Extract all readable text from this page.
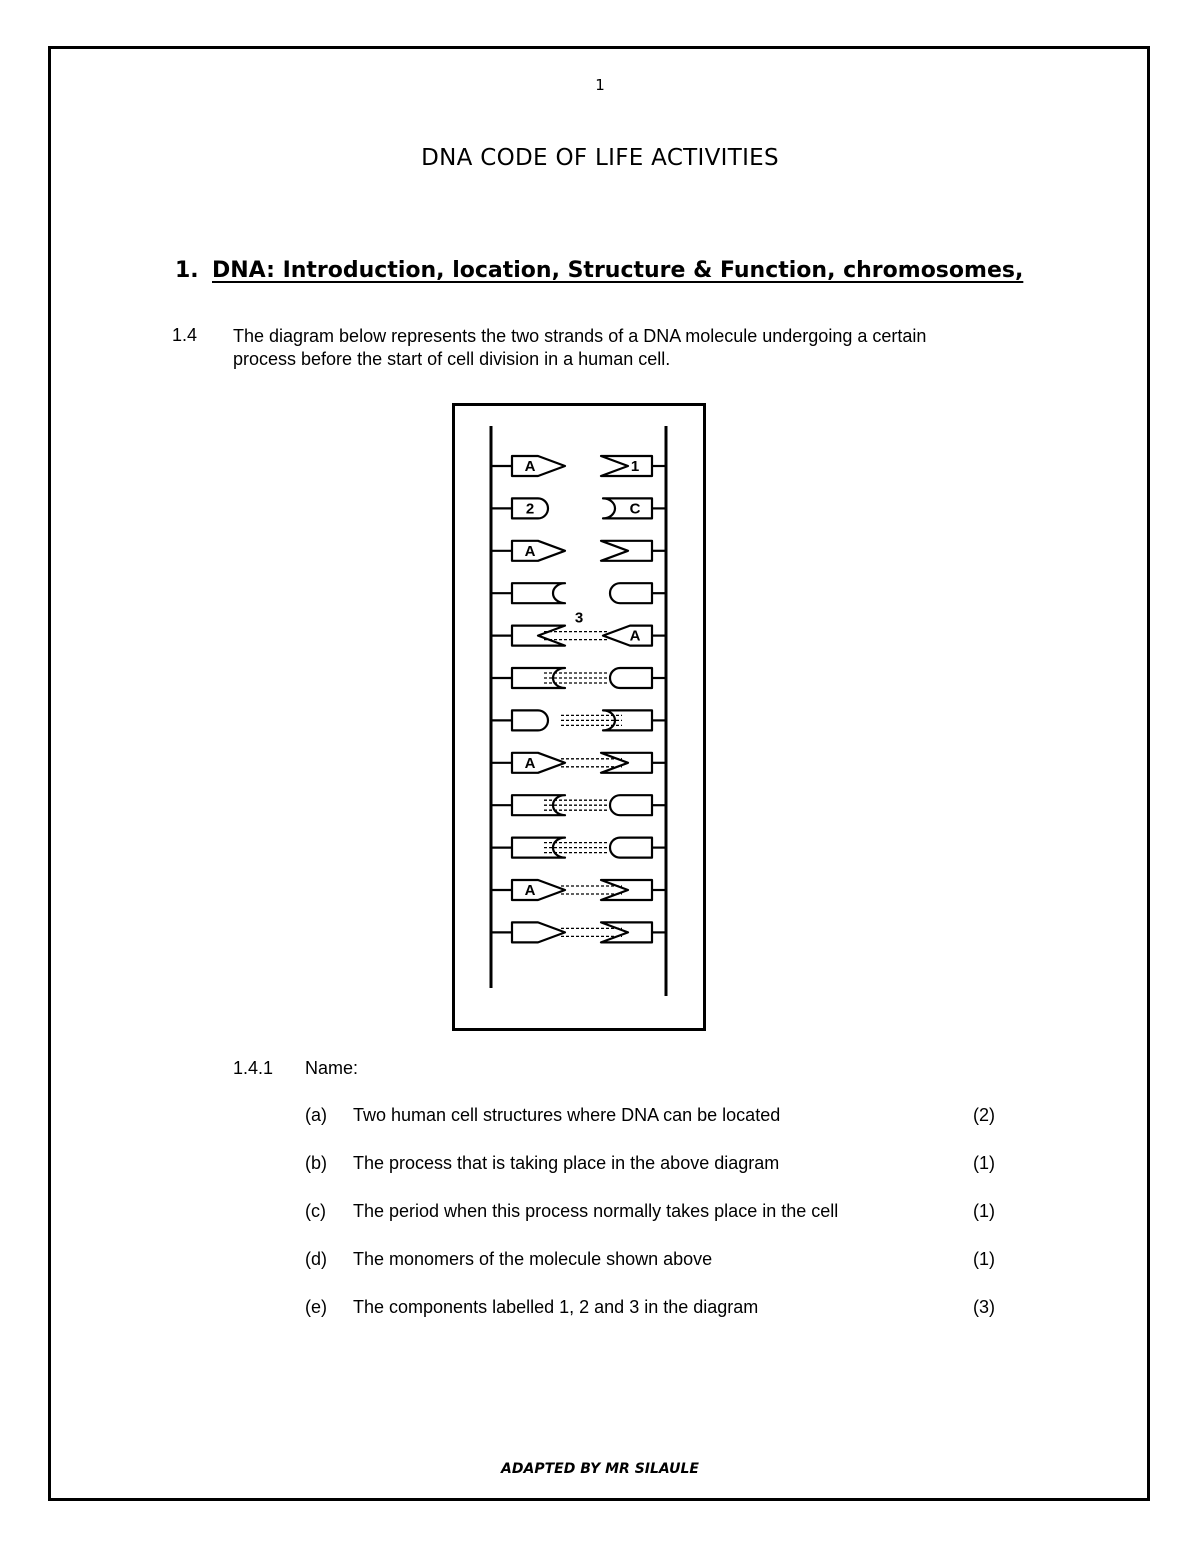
1
DNA CODE OF LIFE ACTIVITIES
1. DNA: Introduction, location, Structure & Function, chromosomes,
1.4 The diagram below represents the two strands of a DNA molecule undergoing a certain process before the start of cell division in a human cell.

A	1
2	C
A
A
A
A
3
1.4.1 Name:
(a) Two human cell structures where DNA can be located	(2)
(b) The process that is taking place in the above diagram	(1)
(c) The period when this process normally takes place in the cell	(1)
(d) The monomers of the molecule shown above	(1)
(e) The components labelled 1, 2 and 3 in the diagram	(3)
ADAPTED BY MR SILAULE
